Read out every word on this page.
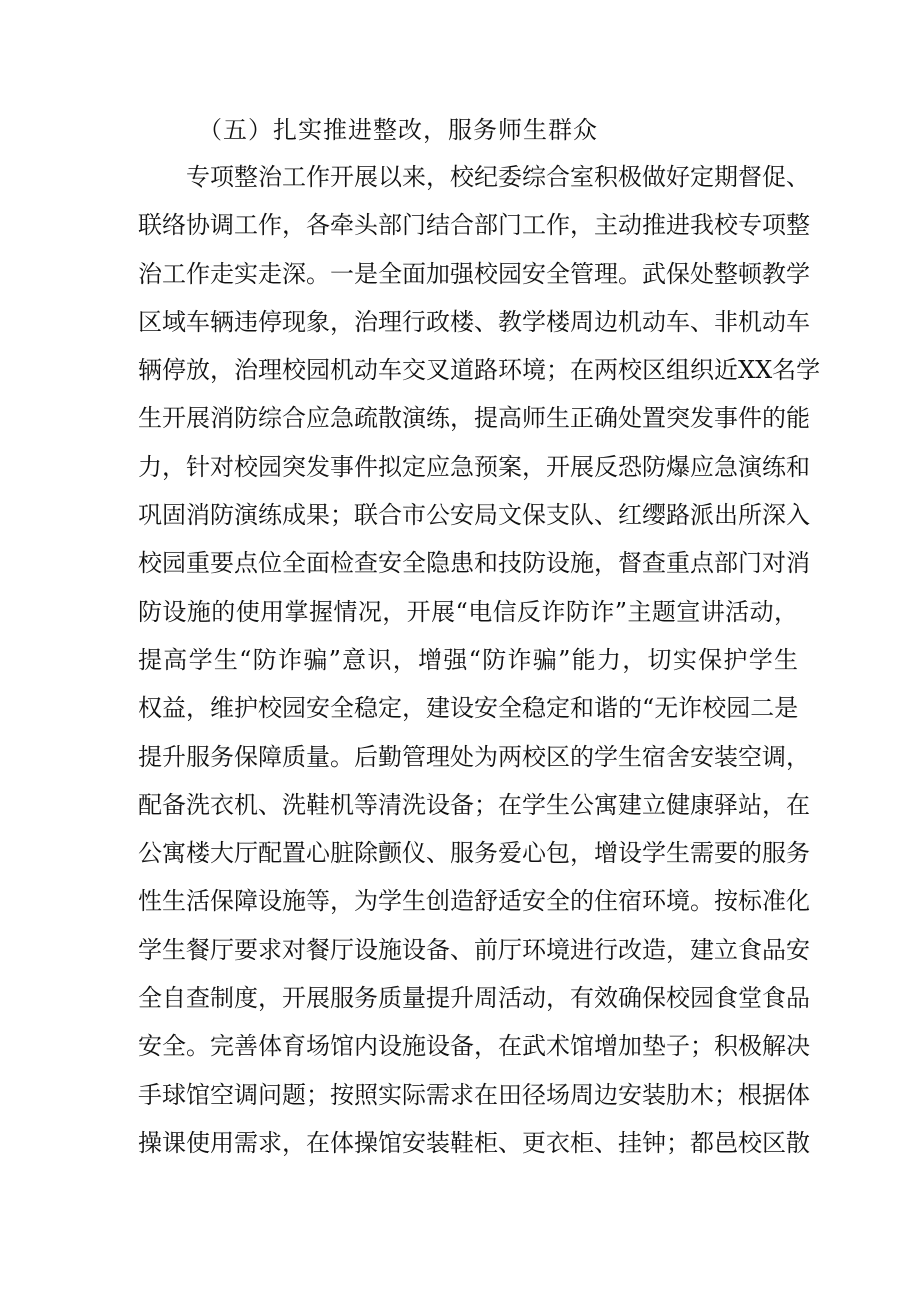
（五）扎实推进整改，服务师生群众
专项整治工作开展以来，校纪委综合室积极做好定期督促、
联络协调工作，各牵头部门结合部门工作，主动推进我校专项整
治工作走实走深。一是全面加强校园安全管理。武保处整顿教学
区域车辆违停现象，治理行政楼、教学楼周边机动车、非机动车
辆停放，治理校园机动车交叉道路环境；在两校区组织近XX名学
生开展消防综合应急疏散演练，提高师生正确处置突发事件的能
力，针对校园突发事件拟定应急预案，开展反恐防爆应急演练和
巩固消防演练成果；联合市公安局文保支队、红缨路派出所深入
校园重要点位全面检查安全隐患和技防设施，督查重点部门对消
防设施的使用掌握情况，开展“电信反诈防诈”主题宣讲活动，
提高学生“防诈骗”意识，增强“防诈骗”能力，切实保护学生
权益，维护校园安全稳定，建设安全稳定和谐的“无诈校园二是
提升服务保障质量。后勤管理处为两校区的学生宿舍安装空调，
配备洗衣机、洗鞋机等清洗设备；在学生公寓建立健康驿站，在
公寓楼大厅配置心脏除颤仪、服务爱心包，增设学生需要的服务
性生活保障设施等，为学生创造舒适安全的住宿环境。按标准化
学生餐厅要求对餐厅设施设备、前厅环境进行改造，建立食品安
全自查制度，开展服务质量提升周活动，有效确保校园食堂食品
安全。完善体育场馆内设施设备，在武术馆增加垫子；积极解决
手球馆空调问题；按照实际需求在田径场周边安装肋木；根据体
操课使用需求，在体操馆安装鞋柜、更衣柜、挂钟；都邑校区散
